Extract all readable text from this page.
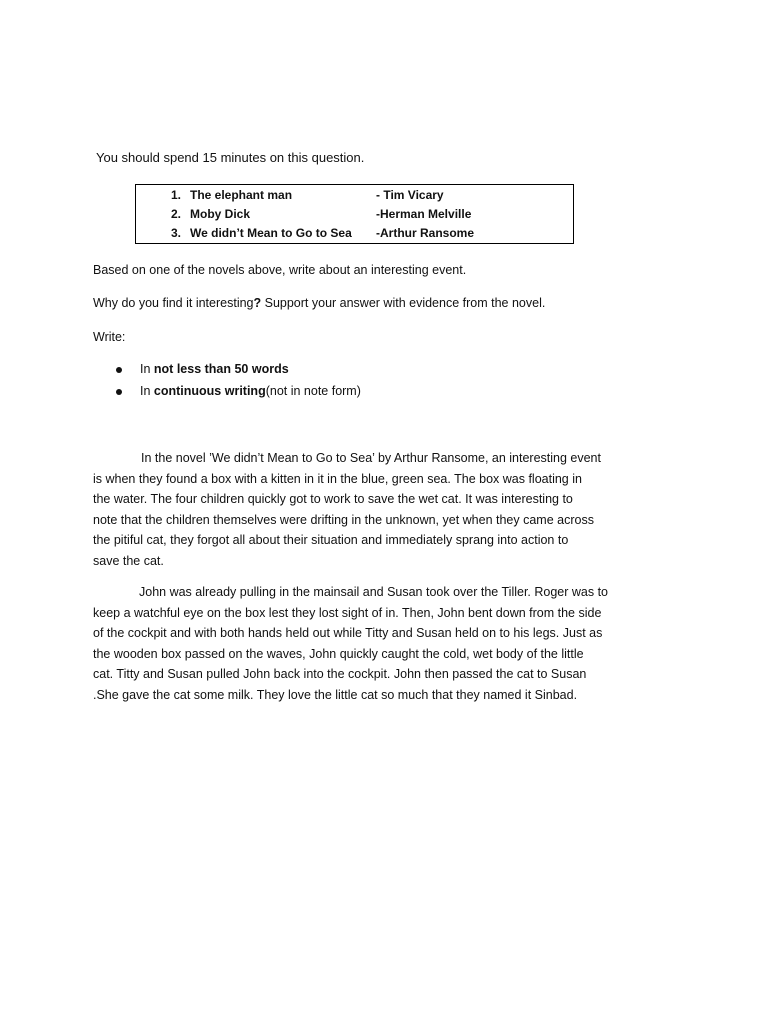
You should spend 15 minutes on this question.
1. The elephant man	- Tim Vicary
2. Moby Dick	-Herman Melville
3. We didn’t Mean to Go to Sea -Arthur Ransome
Based on one of the novels above, write about an interesting event.
Why do you find it interesting? Support your answer with evidence from the novel.
Write:
In not less than 50 words
In continuous writing(not in note form)
In the novel ’We didn’t Mean to Go to Sea’ by Arthur Ransome, an interesting event
is when they found a box with a kitten in it in the blue, green sea. The box was floating in
the water. The four children quickly got to work to save the wet cat. It was interesting to
note that the children themselves were drifting in the unknown, yet when they came across
the pitiful cat, they forgot all about their situation and immediately sprang into action to
save the cat.
John was already pulling in the mainsail and Susan took over the Tiller. Roger was to
keep a watchful eye on the box lest they lost sight of in. Then, John bent down from the side
of the cockpit and with both hands held out while Titty and Susan held on to his legs. Just as
the wooden box passed on the waves, John quickly caught the cold, wet body of the little
cat. Titty and Susan pulled John back into the cockpit. John then passed the cat to Susan
.She gave the cat some milk. They love the little cat so much that they named it Sinbad.
